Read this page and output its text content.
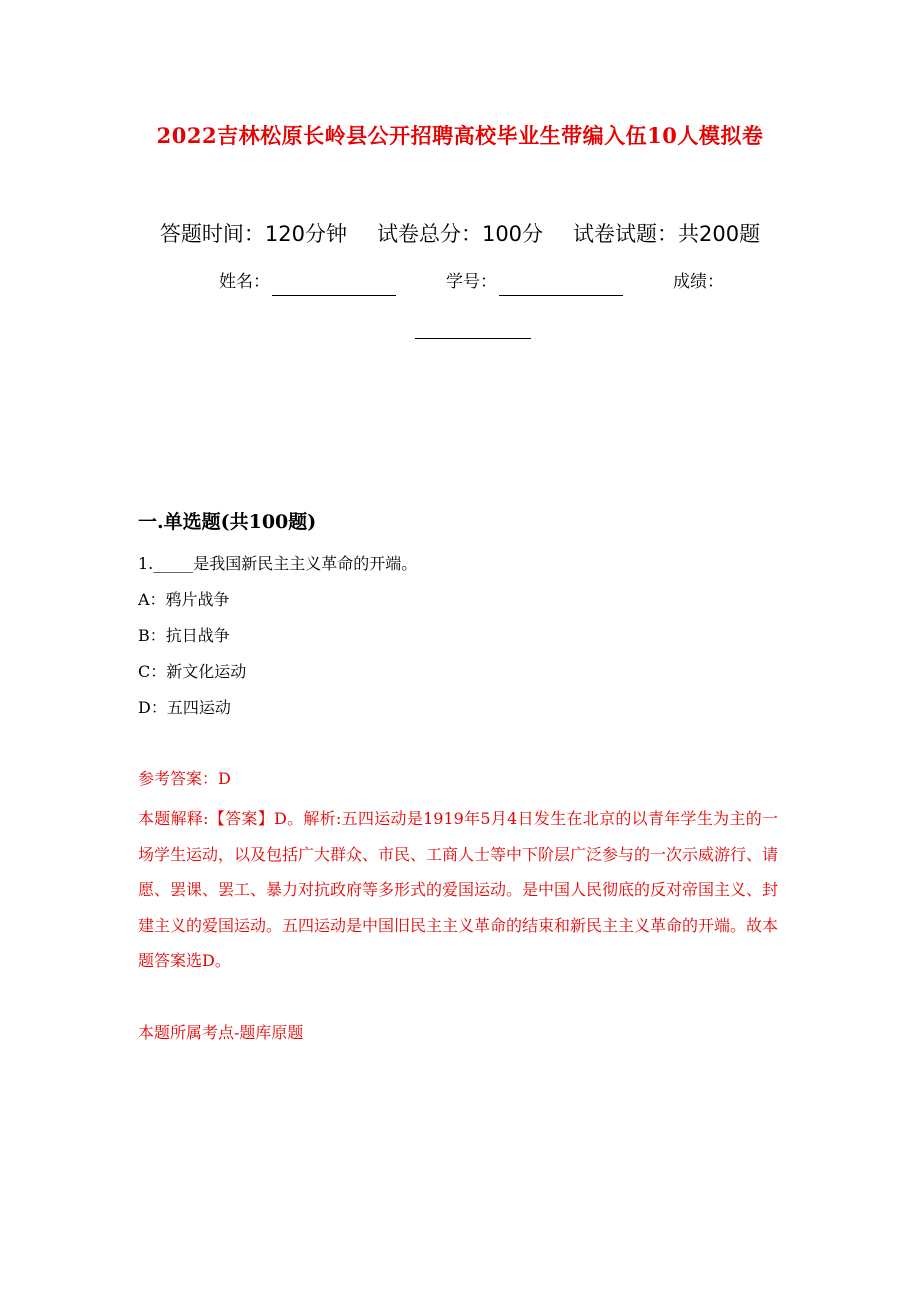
2022吉林松原长岭县公开招聘高校毕业生带编入伍10人模拟卷
答题时间：120分钟 试卷总分：100分 试卷试题：共200题
姓名：	学号：	成绩：
一.单选题(共100题)
1._____是我国新民主主义革命的开端。
A：鸦片战争
B：抗日战争
C：新文化运动
D：五四运动
参考答案：D
本题解释:【答案】D。解析:五四运动是1919年5月4日发生在北京的以青年学生为主的一场学生运动，以及包括广大群众、市民、工商人士等中下阶层广泛参与的一次示威游行、请愿、罢课、罢工、暴力对抗政府等多形式的爱国运动。是中国人民彻底的反对帝国主义、封建主义的爱国运动。五四运动是中国旧民主主义革命的结束和新民主主义革命的开端。故本题答案选D。
本题所属考点-题库原题
